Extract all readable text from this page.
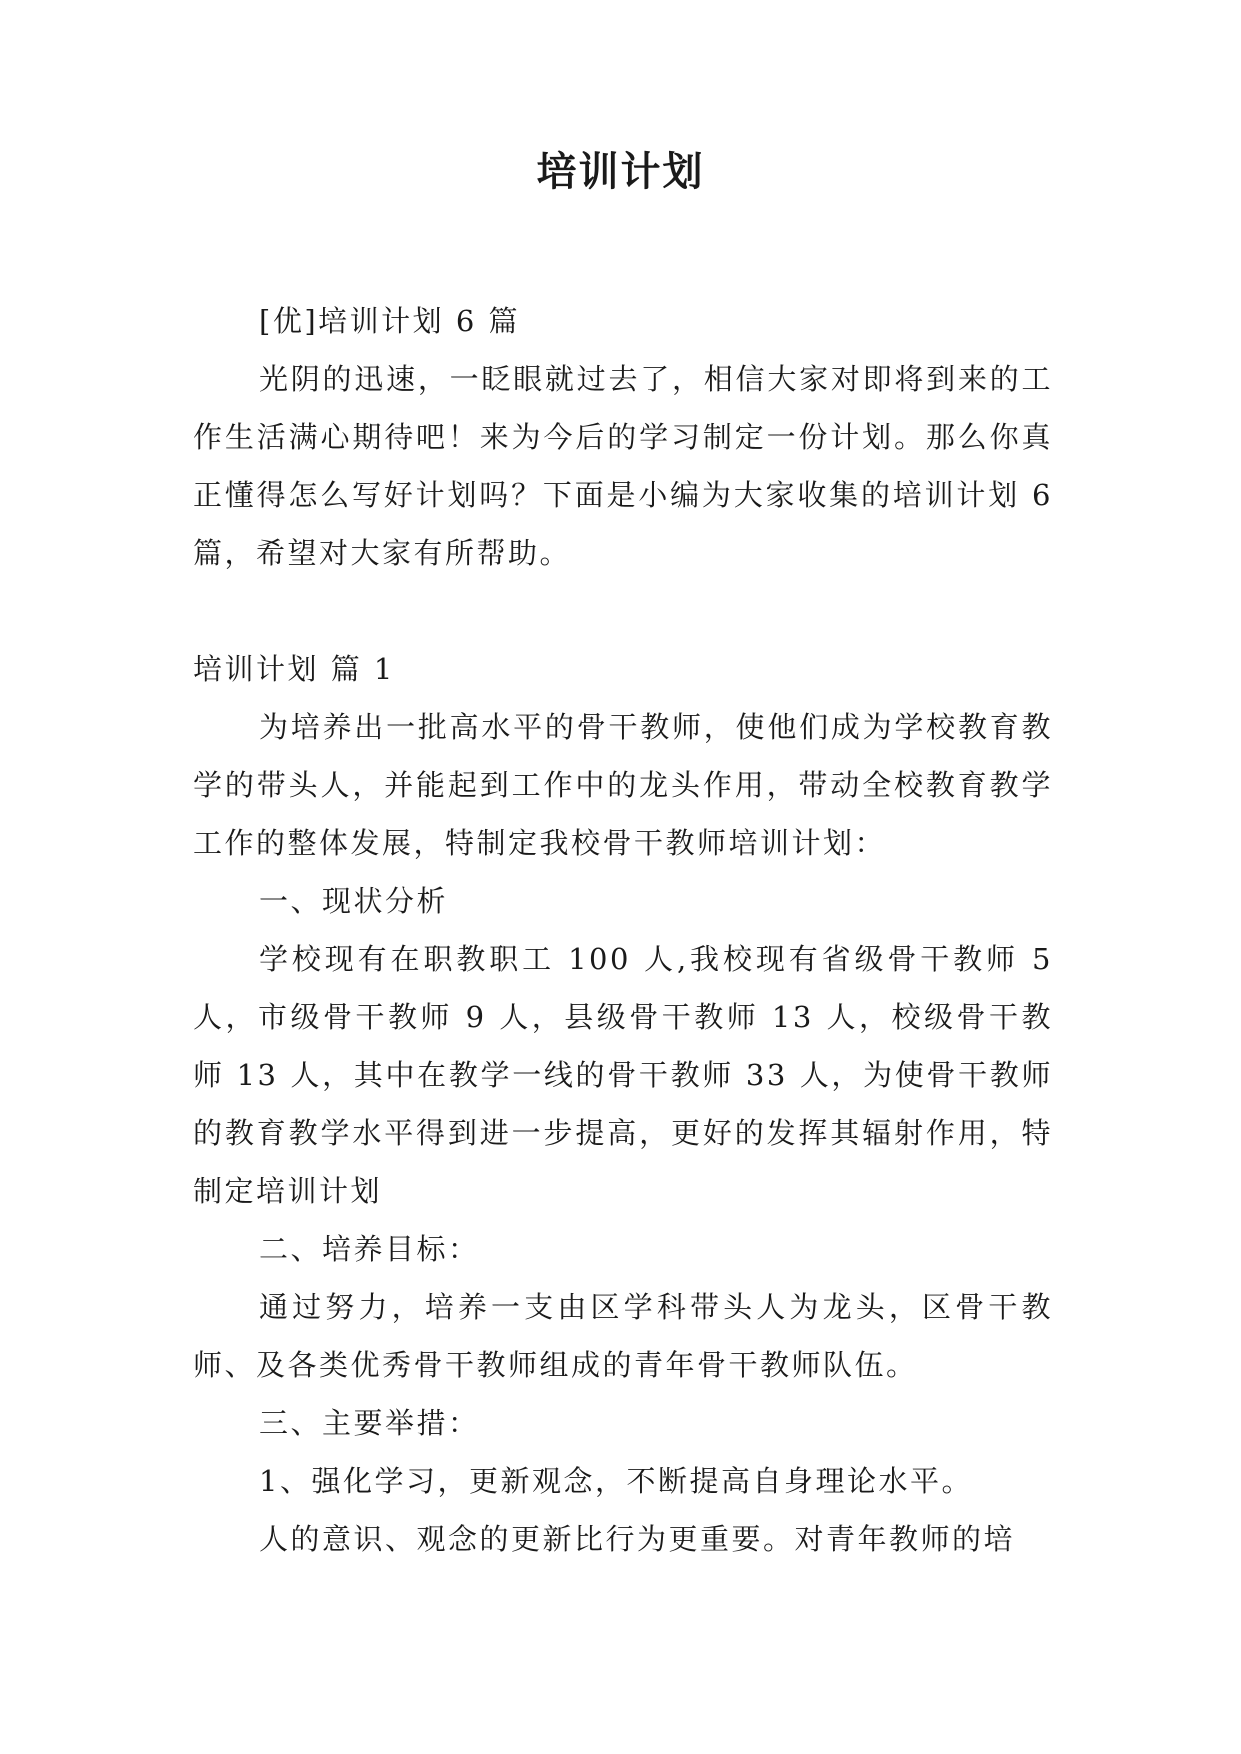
培训计划

[优]培训计划 6 篇

光阴的迅速，一眨眼就过去了，相信大家对即将到来的工作生活满心期待吧！来为今后的学习制定一份计划。那么你真正懂得怎么写好计划吗？下面是小编为大家收集的培训计划 6 篇，希望对大家有所帮助。

培训计划 篇 1

为培养出一批高水平的骨干教师，使他们成为学校教育教学的带头人，并能起到工作中的龙头作用，带动全校教育教学工作的整体发展，特制定我校骨干教师培训计划：

一、现状分析

学校现有在职教职工 100 人,我校现有省级骨干教师 5 人，市级骨干教师 9 人，县级骨干教师 13 人，校级骨干教师 13 人，其中在教学一线的骨干教师 33 人，为使骨干教师的教育教学水平得到进一步提高，更好的发挥其辐射作用，特制定培训计划

二、培养目标：

通过努力，培养一支由区学科带头人为龙头，区骨干教师、及各类优秀骨干教师组成的青年骨干教师队伍。

三、主要举措：

1、强化学习，更新观念，不断提高自身理论水平。

人的意识、观念的更新比行为更重要。对青年教师的培
